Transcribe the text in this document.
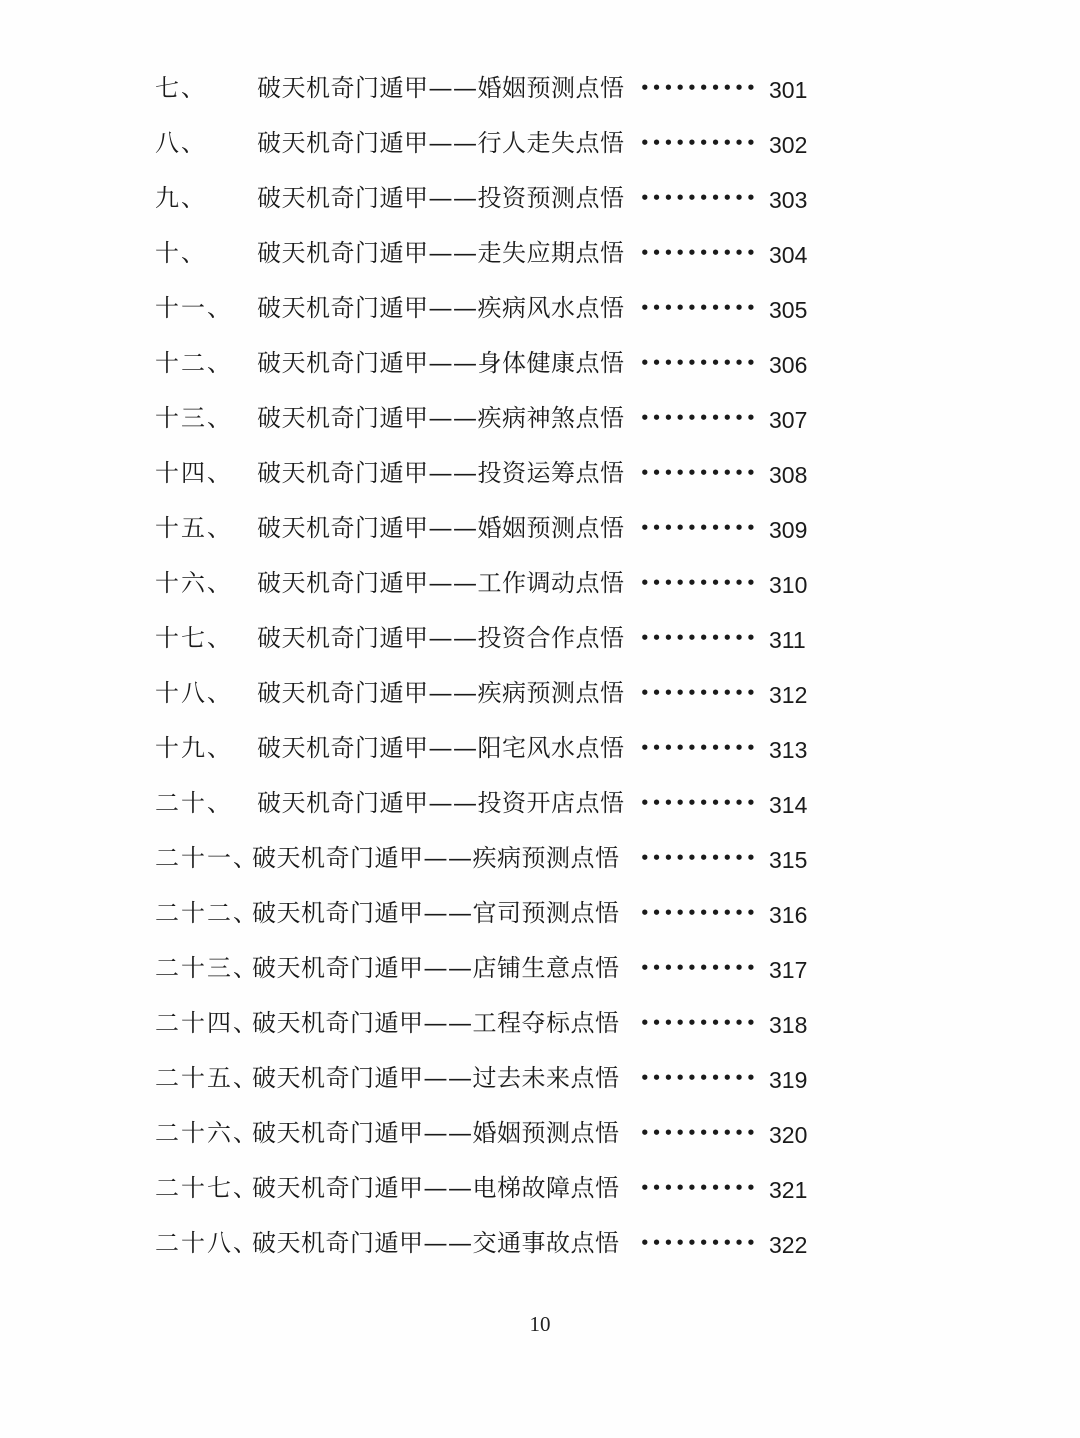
七、 破天机奇门遁甲——婚姻预测点悟 •••••••••• 301
八、 破天机奇门遁甲——行人走失点悟 •••••••••• 302
九、 破天机奇门遁甲——投资预测点悟 •••••••••• 303
十、 破天机奇门遁甲——走失应期点悟 •••••••••• 304
十一、 破天机奇门遁甲——疾病风水点悟 •••••••••• 305
十二、 破天机奇门遁甲——身体健康点悟 •••••••••• 306
十三、 破天机奇门遁甲——疾病神煞点悟 •••••••••• 307
十四、 破天机奇门遁甲——投资运筹点悟 •••••••••• 308
十五、 破天机奇门遁甲——婚姻预测点悟 •••••••••• 309
十六、 破天机奇门遁甲——工作调动点悟 •••••••••• 310
十七、 破天机奇门遁甲——投资合作点悟 •••••••••• 311
十八、 破天机奇门遁甲——疾病预测点悟 •••••••••• 312
十九、 破天机奇门遁甲——阳宅风水点悟 •••••••••• 313
二十、 破天机奇门遁甲——投资开店点悟 •••••••••• 314
二十一、
破天机奇门遁甲——疾病预测点悟 •••••••••• 315
二十二、
破天机奇门遁甲——官司预测点悟 •••••••••• 316
二十三、
破天机奇门遁甲——店铺生意点悟 •••••••••• 317
二十四、
破天机奇门遁甲——工程夺标点悟 •••••••••• 318
二十五、
破天机奇门遁甲——过去未来点悟 •••••••••• 319
二十六、
破天机奇门遁甲——婚姻预测点悟 •••••••••• 320
二十七、
破天机奇门遁甲——电梯故障点悟 •••••••••• 321
二十八、
破天机奇门遁甲——交通事故点悟 •••••••••• 322
10
